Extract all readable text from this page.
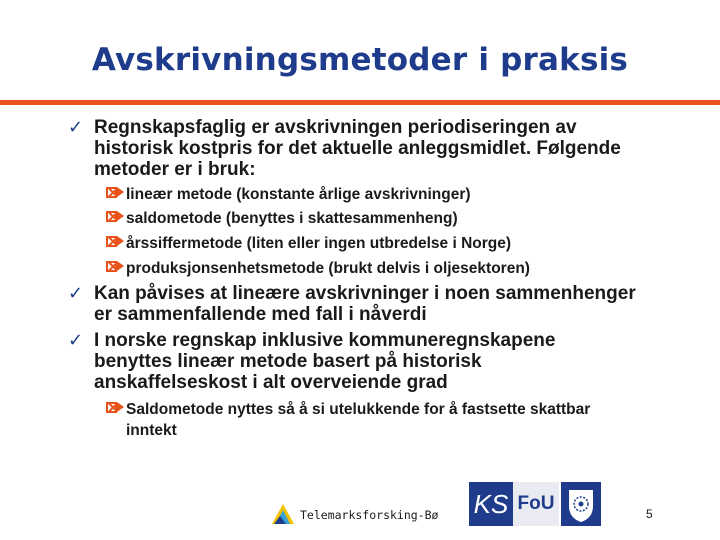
Avskrivningsmetoder i praksis
✓ Regnskapsfaglig er avskrivningen periodiseringen av
historisk kostpris for det aktuelle anleggsmidlet. Følgende
metoder er i bruk:
lineær metode (konstante årlige avskrivninger)
saldometode (benyttes i skattesammenheng)
årssiffermetode (liten eller ingen utbredelse i Norge)
produksjonsenhetsmetode (brukt delvis i oljesektoren)
✓ Kan påvises at lineære avskrivninger i noen sammenhenger
er sammenfallende med fall i nåverdi
✓ I norske regnskap inklusive kommuneregnskapene
benyttes lineær metode basert på historisk
anskaffelseskost i alt overveiende grad
Saldometode nyttes så å si utelukkende for å fastsette skattbar
inntekt
Telemarksforsking-Bø KS FoU	5
